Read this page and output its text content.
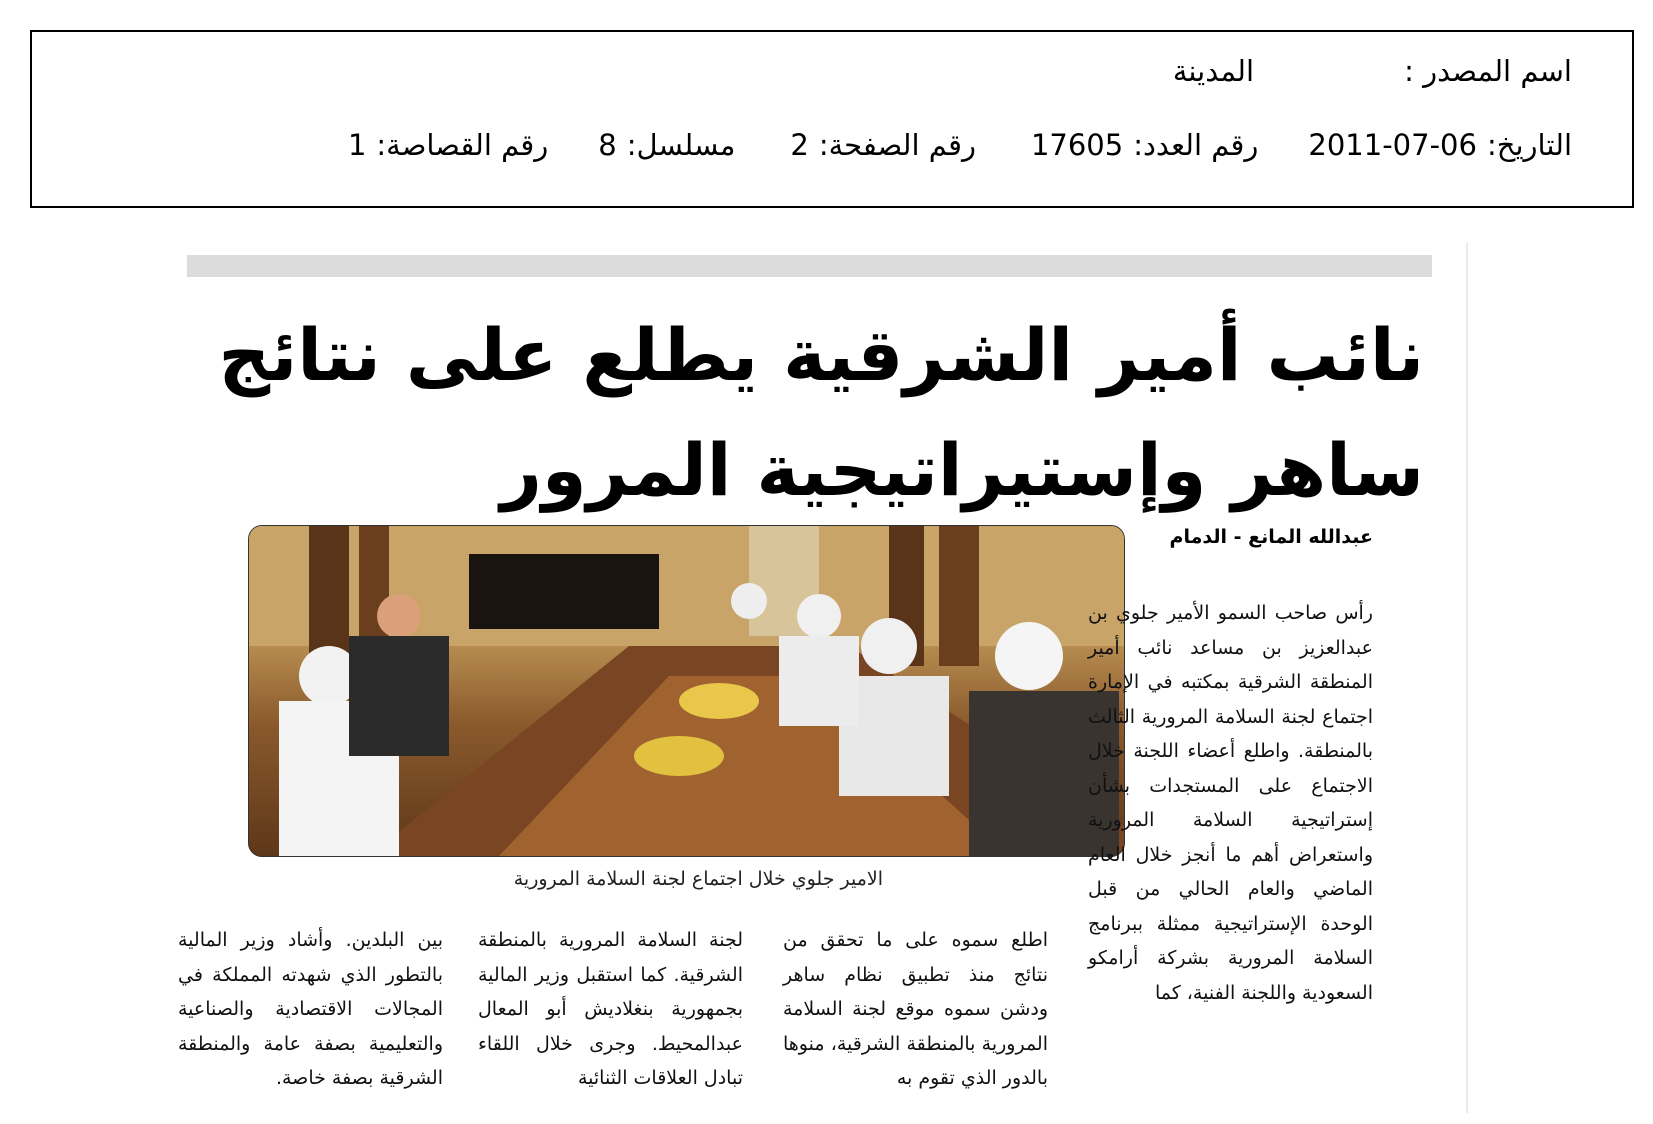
اسم المصدر :
المدينة
التاريخ:
2011-07-06
رقم العدد:
17605
رقم الصفحة:
2
مسلسل:
8
رقم القصاصة:
1
نائب أمير الشرقية يطلع على نتائج
ساهر وإستيراتيجية المرور
الامير جلوي خلال اجتماع لجنة السلامة المرورية
عبدالله المانع - الدمام

رأس صاحب السمو الأمير جلوي بن عبدالعزيز بن مساعد نائب أمير المنطقة الشرقية بمكتبه في الإمارة اجتماع لجنة السلامة المرورية الثالث بالمنطقة. واطلع أعضاء اللجنة خلال الاجتماع على المستجدات بشأن إستراتيجية السلامة المرورية واستعراض أهم ما أنجز خلال العام الماضي والعام الحالي من قبل الوحدة الإستراتيجية ممثلة ببرنامج السلامة المرورية بشركة أرامكو السعودية واللجنة الفنية، كما

اطلع سموه على ما تحقق من نتائج منذ تطبيق نظام ساهر ودشن سموه موقع لجنة السلامة المرورية بالمنطقة الشرقية، منوها بالدور الذي تقوم به

لجنة السلامة المرورية بالمنطقة الشرقية. كما استقبل وزير المالية بجمهورية بنغلاديش أبو المعال عبدالمحيط. وجرى خلال اللقاء تبادل العلاقات الثنائية

بين البلدين. وأشاد وزير المالية بالتطور الذي شهدته المملكة في المجالات الاقتصادية والصناعية والتعليمية بصفة عامة والمنطقة الشرقية بصفة خاصة.
